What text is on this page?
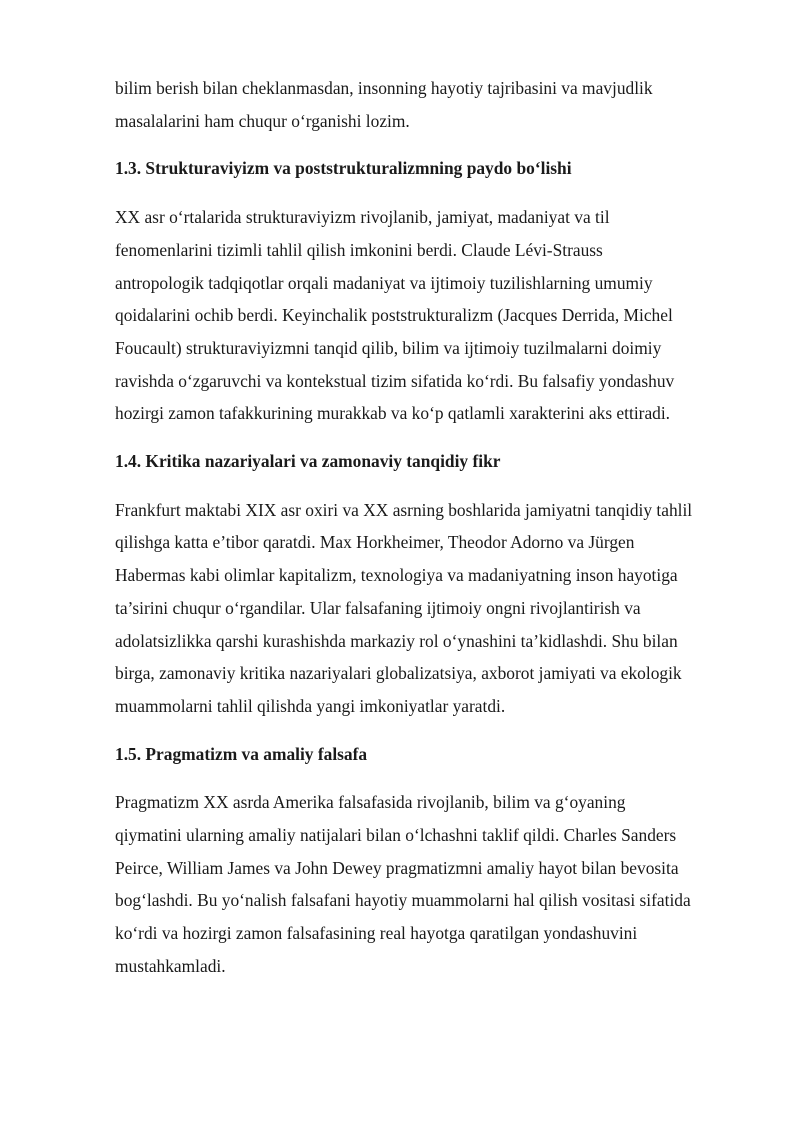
bilim berish bilan cheklanmasdan, insonning hayotiy tajribasini va mavjudlik
masalalarini ham chuqur o‘rganishi lozim.

1.3. Strukturaviyizm va poststrukturalizmning paydo bo‘lishi

XX asr o‘rtalarida strukturaviyizm rivojlanib, jamiyat, madaniyat va til
fenomenlarini tizimli tahlil qilish imkonini berdi. Claude Lévi-Strauss
antropologik tadqiqotlar orqali madaniyat va ijtimoiy tuzilishlarning umumiy
qoidalarini ochib berdi. Keyinchalik poststrukturalizm (Jacques Derrida, Michel
Foucault) strukturaviyizmni tanqid qilib, bilim va ijtimoiy tuzilmalarni doimiy
ravishda o‘zgaruvchi va kontekstual tizim sifatida ko‘rdi. Bu falsafiy yondashuv
hozirgi zamon tafakkurining murakkab va ko‘p qatlamli xarakterini aks ettiradi.

1.4. Kritika nazariyalari va zamonaviy tanqidiy fikr

Frankfurt maktabi XIX asr oxiri va XX asrning boshlarida jamiyatni tanqidiy tahlil
qilishga katta e’tibor qaratdi. Max Horkheimer, Theodor Adorno va Jürgen
Habermas kabi olimlar kapitalizm, texnologiya va madaniyatning inson hayotiga
ta’sirini chuqur o‘rgandilar. Ular falsafaning ijtimoiy ongni rivojlantirish va
adolatsizlikka qarshi kurashishda markaziy rol o‘ynashini ta’kidlashdi. Shu bilan
birga, zamonaviy kritika nazariyalari globalizatsiya, axborot jamiyati va ekologik
muammolarni tahlil qilishda yangi imkoniyatlar yaratdi.

1.5. Pragmatizm va amaliy falsafa

Pragmatizm XX asrda Amerika falsafasida rivojlanib, bilim va g‘oyaning
qiymatini ularning amaliy natijalari bilan o‘lchashni taklif qildi. Charles Sanders
Peirce, William James va John Dewey pragmatizmni amaliy hayot bilan bevosita
bog‘lashdi. Bu yo‘nalish falsafani hayotiy muammolarni hal qilish vositasi sifatida
ko‘rdi va hozirgi zamon falsafasining real hayotga qaratilgan yondashuvini
mustahkamladi.
